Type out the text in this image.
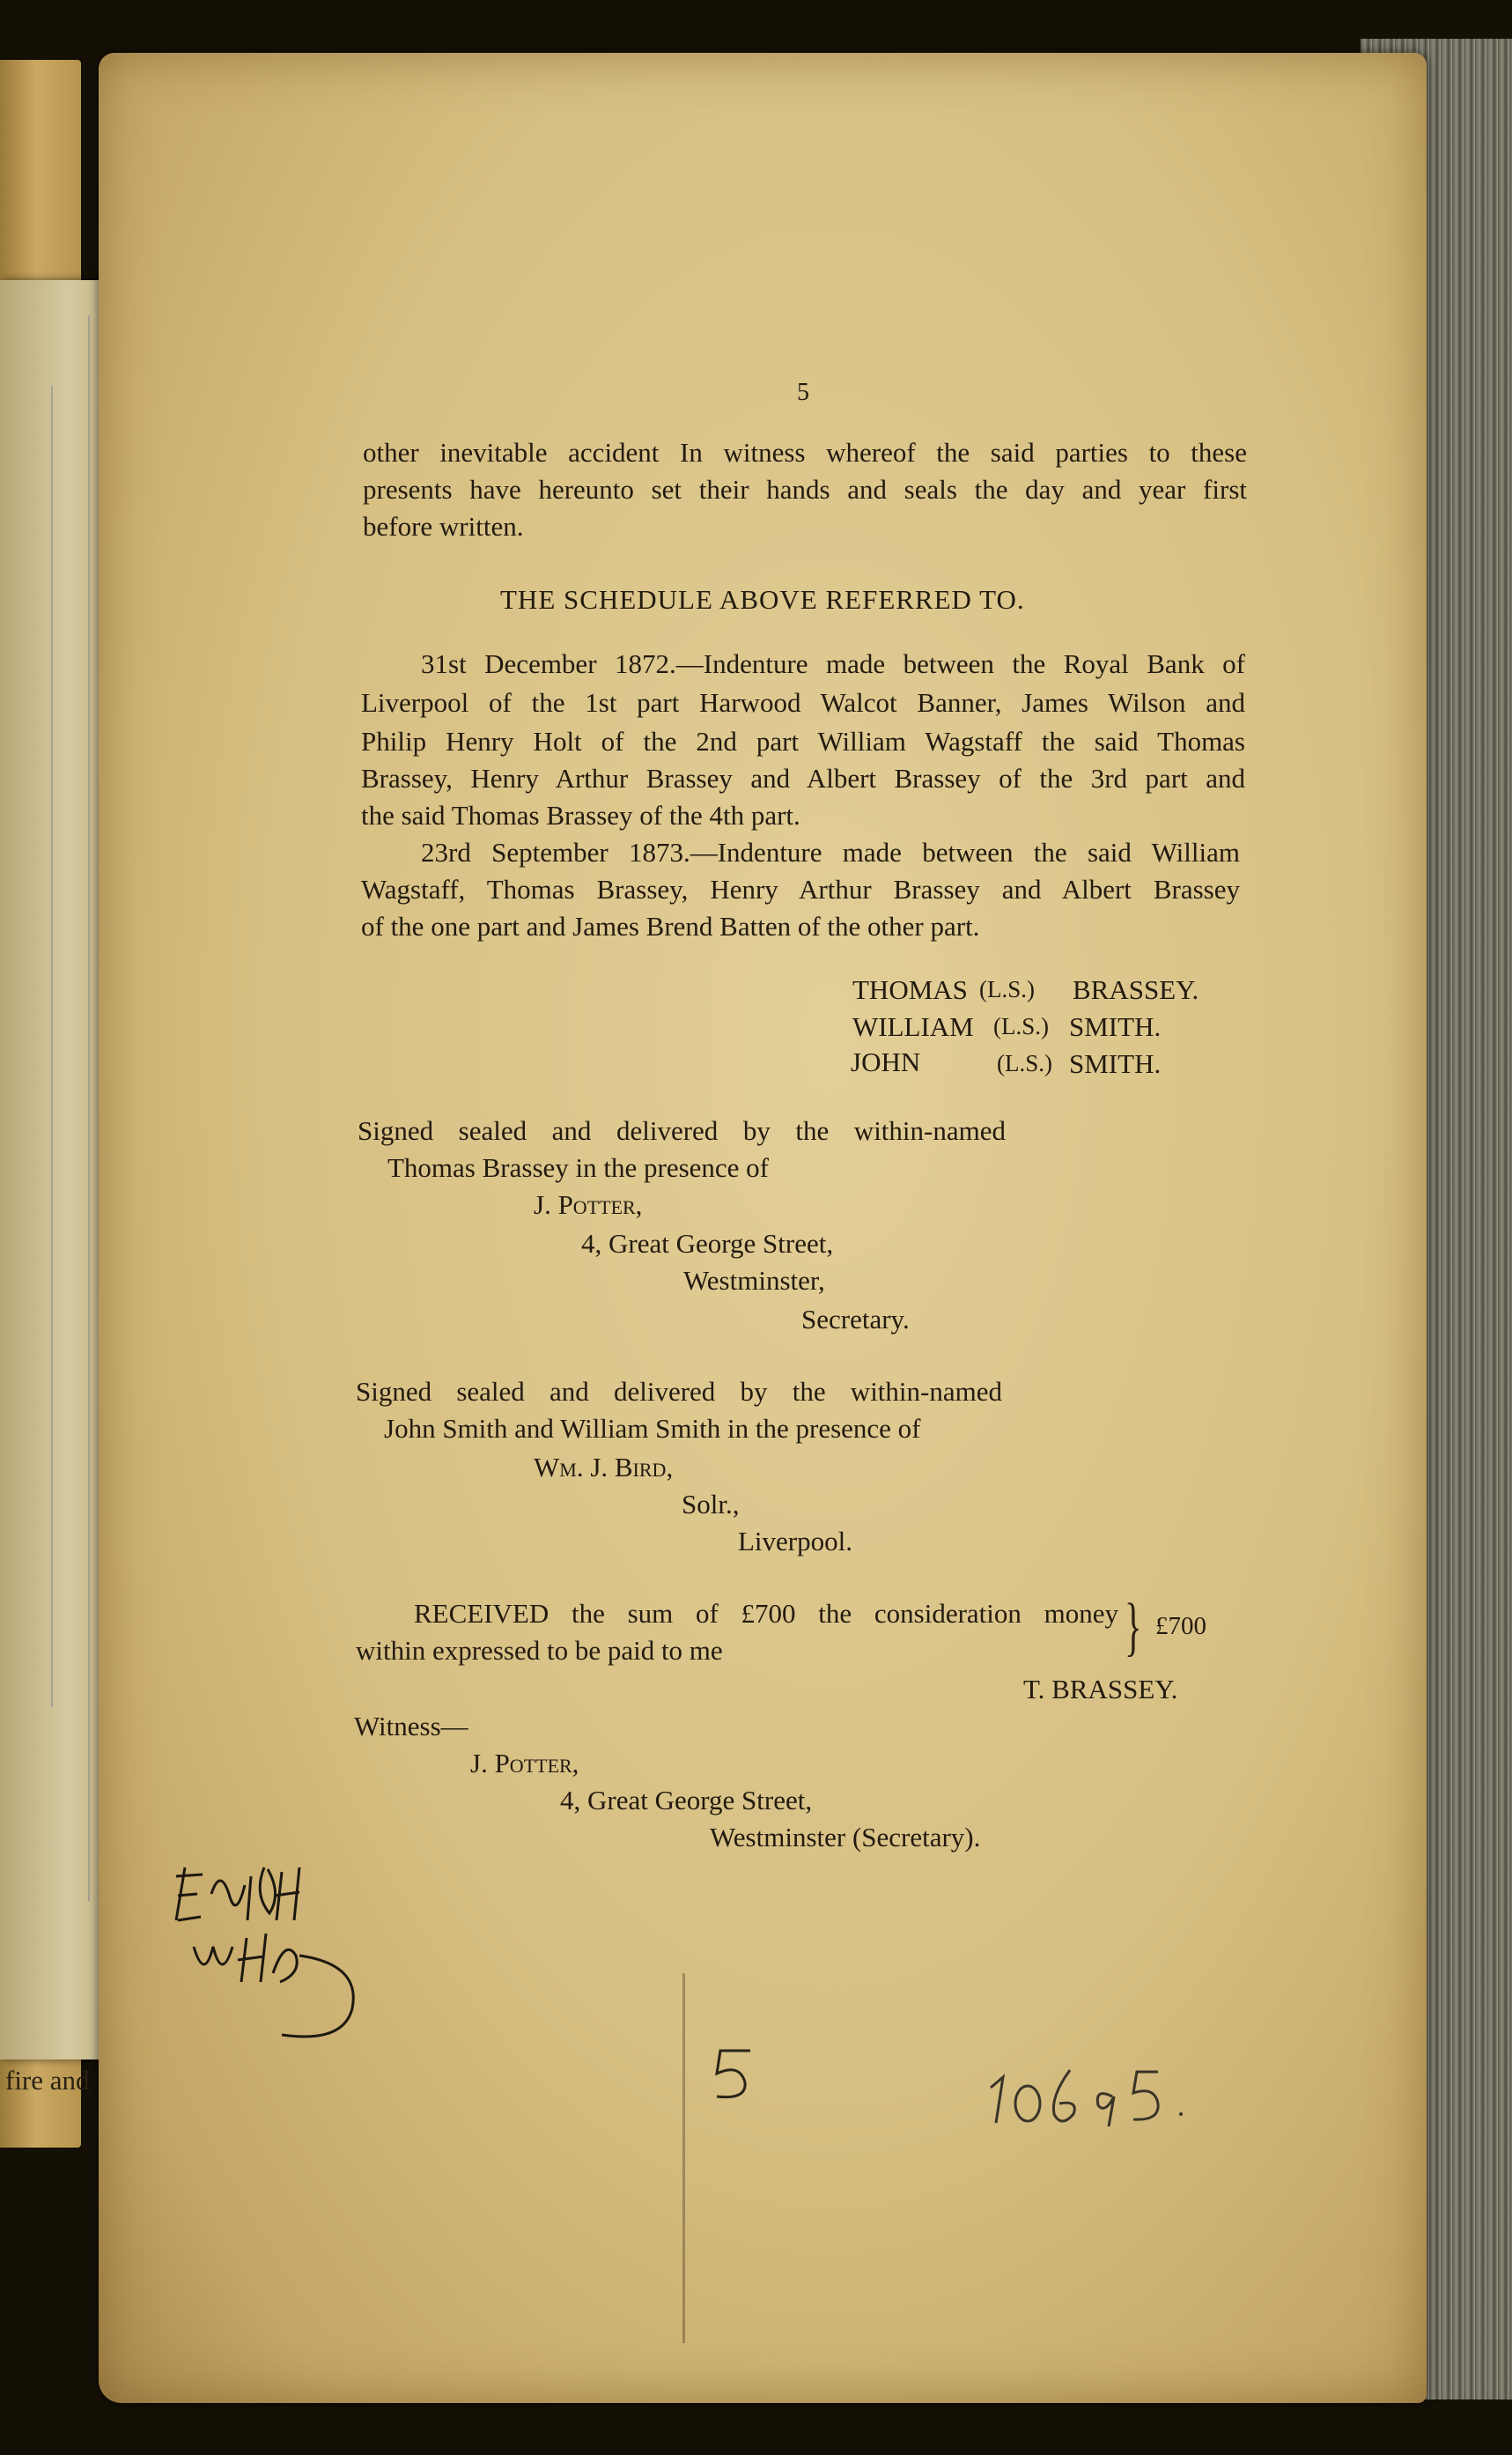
fire and
5
other inevitable accident In witness whereof the said parties to these
presents have hereunto set their hands and seals the day and year first
before written.
THE SCHEDULE ABOVE REFERRED TO.
31st December 1872.—Indenture made between the Royal Bank of
Liverpool of the 1st part Harwood Walcot Banner, James Wilson and
Philip Henry Holt of the 2nd part William Wagstaff the said Thomas
Brassey, Henry Arthur Brassey and Albert Brassey of the 3rd part and
the said Thomas Brassey of the 4th part.
23rd September 1873.—Indenture made between the said William
Wagstaff, Thomas Brassey, Henry Arthur Brassey and Albert Brassey
of the one part and James Brend Batten of the other part.
THOMAS (L.S.) BRASSEY.
WILLIAM (L.S.) SMITH.
JOHN	(L.S.) SMITH.
Signed sealed and delivered by the within-named
Thomas Brassey in the presence of
J. Potter,
4, Great George Street,
Westminster,
Secretary.
Signed sealed and delivered by the within-named
John Smith and William Smith in the presence of
Wm. J. Bird,
Solr.,
Liverpool.
RECEIVED the sum of £700 the consideration money
within expressed to be paid to me	} £700
T. BRASSEY.
Witness—
J. Potter,
4, Great George Street,
Westminster (Secretary).
